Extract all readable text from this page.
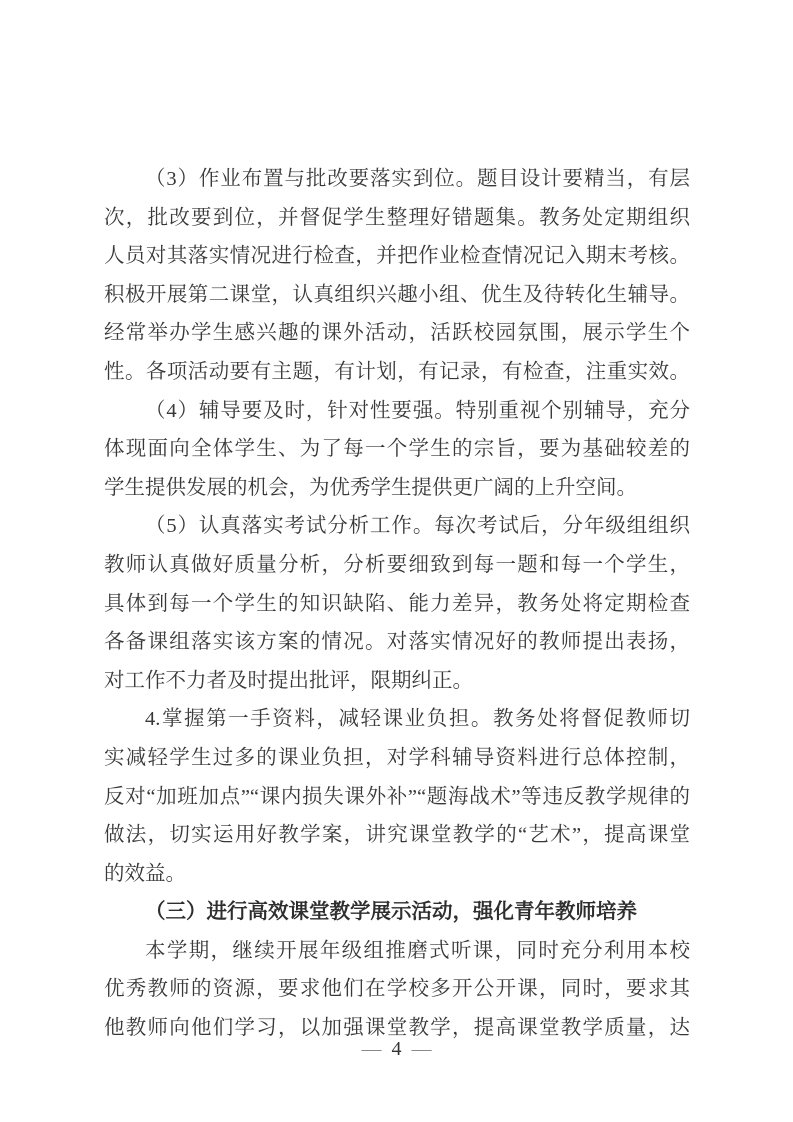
（3）作业布置与批改要落实到位。题目设计要精当，有层
次，批改要到位，并督促学生整理好错题集。教务处定期组织
人员对其落实情况进行检查，并把作业检查情况记入期末考核。
积极开展第二课堂，认真组织兴趣小组、优生及待转化生辅导。
经常举办学生感兴趣的课外活动，活跃校园氛围，展示学生个
性。各项活动要有主题，有计划，有记录，有检查，注重实效。
（4）辅导要及时，针对性要强。特别重视个别辅导，充分
体现面向全体学生、为了每一个学生的宗旨，要为基础较差的
学生提供发展的机会，为优秀学生提供更广阔的上升空间。
（5）认真落实考试分析工作。每次考试后，分年级组组织
教师认真做好质量分析，分析要细致到每一题和每一个学生，
具体到每一个学生的知识缺陷、能力差异，教务处将定期检查
各备课组落实该方案的情况。对落实情况好的教师提出表扬，
对工作不力者及时提出批评，限期纠正。
4.掌握第一手资料，减轻课业负担。教务处将督促教师切
实减轻学生过多的课业负担，对学科辅导资料进行总体控制，
反对“加班加点”“课内损失课外补”“题海战术”等违反教学规律的
做法，切实运用好教学案，讲究课堂教学的“艺术”，提高课堂
的效益。
（三）进行高效课堂教学展示活动，强化青年教师培养
本学期，继续开展年级组推磨式听课，同时充分利用本校
优秀教师的资源，要求他们在学校多开公开课，同时，要求其
他教师向他们学习，以加强课堂教学，提高课堂教学质量，达
— 4 —
